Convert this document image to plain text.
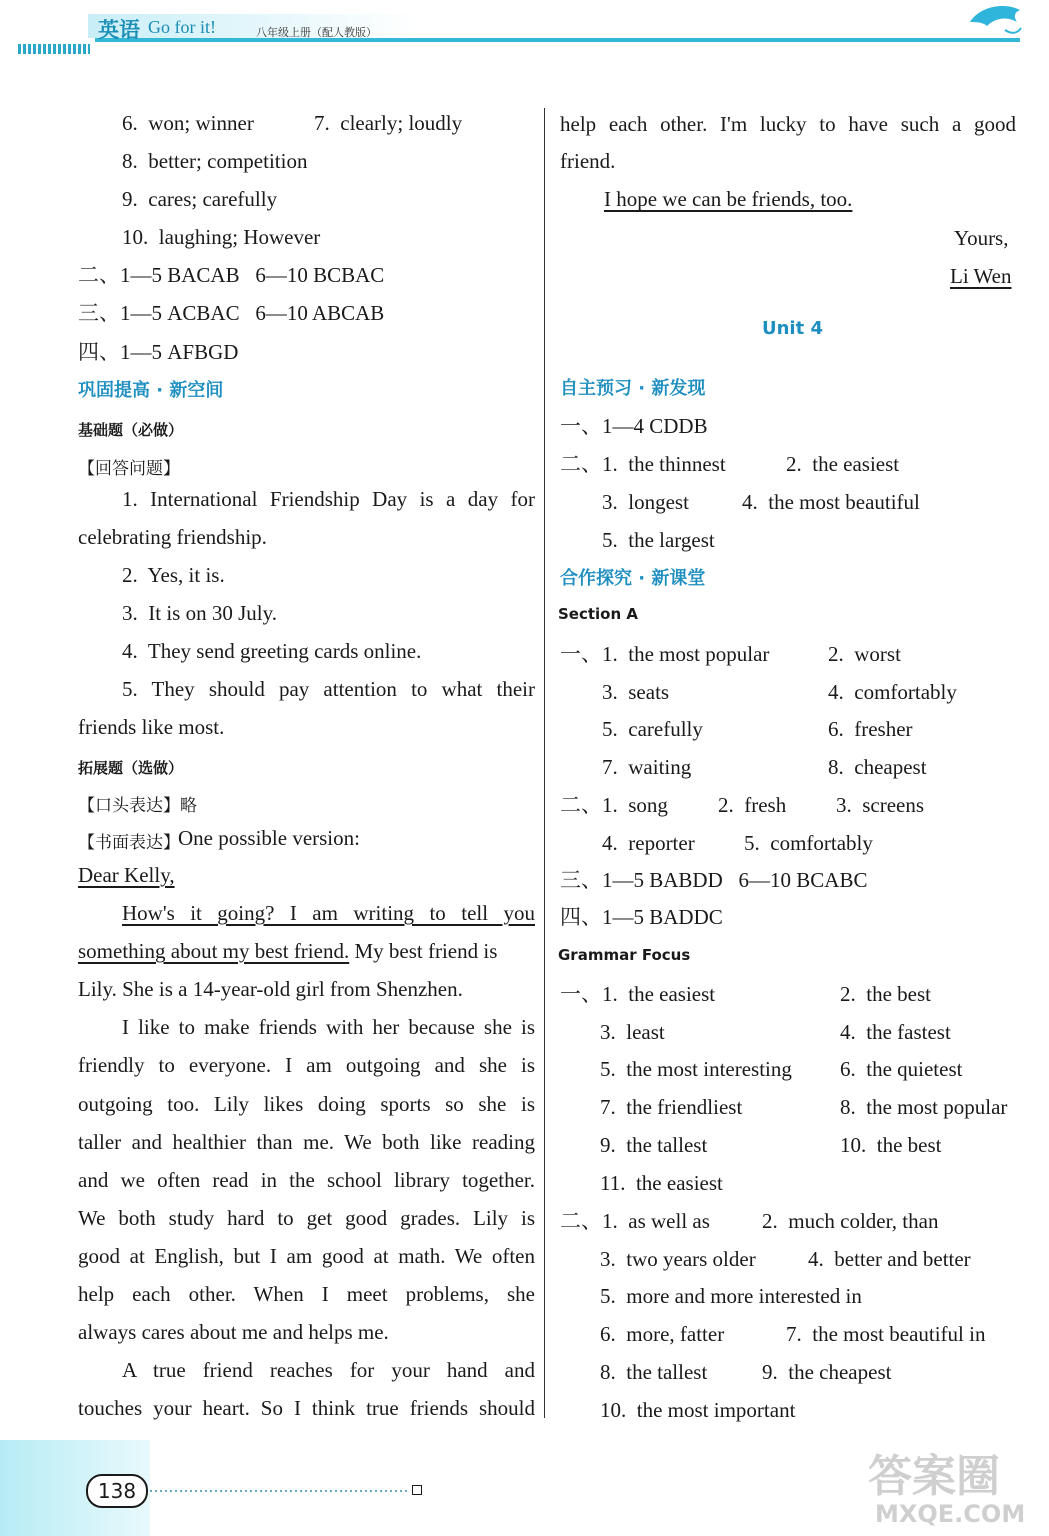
英语 Go for it!	八年级上册（配人教版）
6.  won; winner	7.  clearly; loudly
8.  better; competition
9.  cares; carefully
10.  laughing; However
二、1—5 BACAB   6—10 BCBAC
三、1—5 ACBAC   6—10 ABCAB
四、1—5 AFBGD
巩固提高 · 新空间
基础题（必做）
【回答问题】
1. International Friendship Day is a day for
celebrating friendship.
2.  Yes, it is.
3.  It is on 30 July.
4.  They send greeting cards online.
5. They should pay attention to what their
friends like most.
拓展题（选做）
【口头表达】略
【书面表达】
One possible version:
Dear Kelly,
How's it going? I am writing to tell you
something about my best friend. My best friend is
Lily. She is a 14-year-old girl from Shenzhen.
I like to make friends with her because she is
friendly to everyone. I am outgoing and she is
outgoing too. Lily likes doing sports so she is
taller and healthier than me. We both like reading
and we often read in the school library together.
We both study hard to get good grades. Lily is
good at English, but I am good at math. We often
help each other. When I meet problems, she
always cares about me and helps me.
A true friend reaches for your hand and
touches your heart. So I think true friends should
help each other. I'm lucky to have such a good
friend.
I hope we can be friends, too.
Yours,
Li Wen
Unit 4
自主预习 · 新发现
一、1—4 CDDB
二、1.  the thinnest	2.  the easiest
3.  longest	4.  the most beautiful
5.  the largest
合作探究 · 新课堂
Section A
一、1.  the most popular	2.  worst
3.  seats	4.  comfortably
5.  carefully	6.  fresher
7.  waiting	8.  cheapest
二、1.  song 2.  fresh 3.  screens
4.  reporter 5.  comfortably
三、1—5 BABDD   6—10 BCABC
四、1—5 BADDC
Grammar Focus
一、1.  the easiest	2.  the best
3.  least	4.  the fastest
5.  the most interesting 6.  the quietest
7.  the friendliest	8.  the most popular
9.  the tallest	10.  the best
11.  the easiest
二、1.  as well as 2.  much colder, than
3.  two years older 4.  better and better
5.  more and more interested in
6.  more, fatter	7.  the most beautiful in
8.  the tallest	9.  the cheapest
10.  the most important
138	答案圈
MXQE.COM
